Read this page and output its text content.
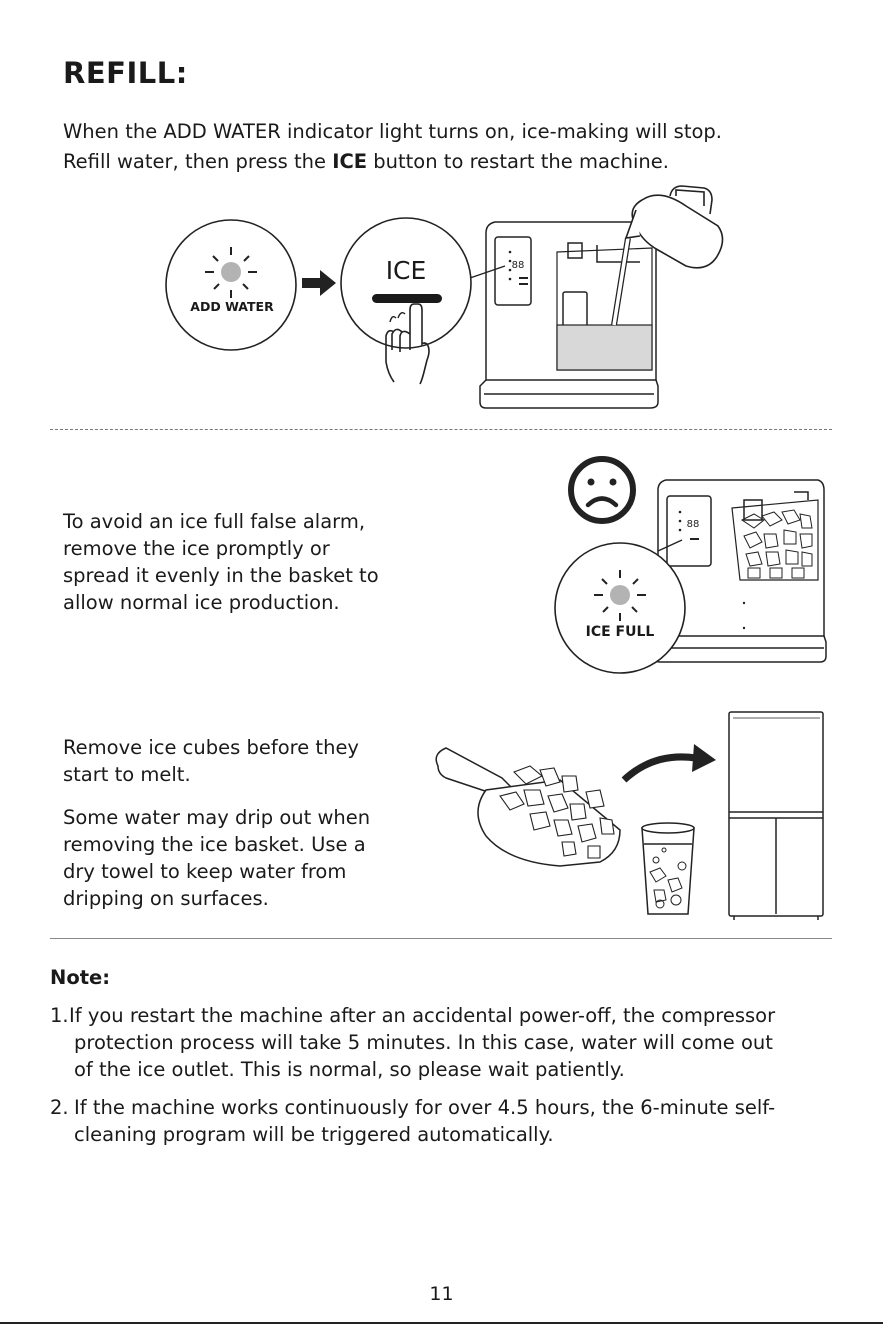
REFILL:
When the ADD WATER indicator light turns on, ice-making will stop.
Refill water, then press the ICE button to restart the machine.
ADD WATER
ICE	88
To avoid an ice full false alarm,
remove the ice promptly or
spread it evenly in the basket to
allow normal ice production.
88
ICE FULL
Remove ice cubes before they
start to melt.
Some water may drip out when
removing the ice basket. Use a
dry towel to keep water from
dripping on surfaces.
Note:
1. If you restart the machine after an accidental power-off, the compressor
protection process will take 5 minutes. In this case, water will come out
of the ice outlet. This is normal, so please wait patiently.
2. If the machine works continuously for over 4.5 hours, the 6-minute self-
cleaning program will be triggered automatically.
11
